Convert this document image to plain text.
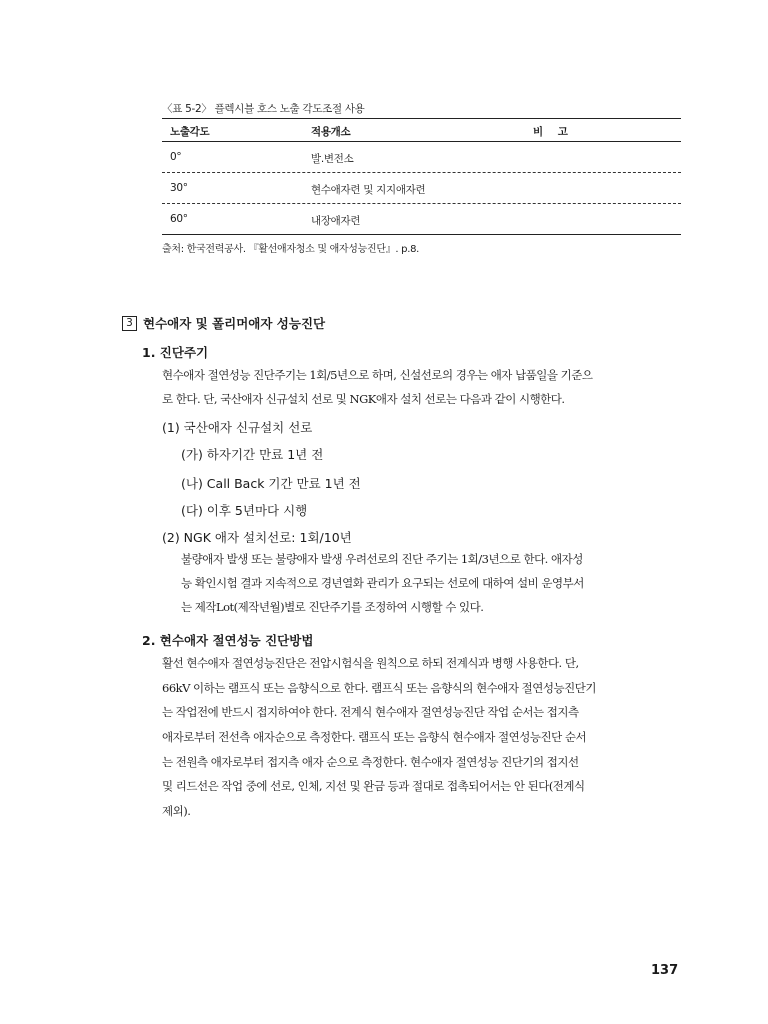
〈표 5-2〉 플렉시블 호스 노출 각도조절 사용
노출각도	적용개소	비    고
0°	발.변전소
30°	현수애자련 및 지지애자련
60°	내장애자련
출처: 한국전력공사. 『활선애자청소 및 애자성능진단』. p.8.
3 현수애자 및 폴리머애자 성능진단
1. 진단주기
현수애자 절연성능 진단주기는 1회/5년으로 하며, 신설선로의 경우는 애자 납품일을 기준으
로 한다. 단, 국산애자 신규설치 선로 및 NGK애자 설치 선로는 다음과 같이 시행한다.
(1) 국산애자 신규설치 선로
(가) 하자기간 만료 1년 전
(나) Call Back 기간 만료 1년 전
(다) 이후 5년마다 시행
(2) NGK 애자 설치선로: 1회/10년
불량애자 발생 또는 불량애자 발생 우려선로의 진단 주기는 1회/3년으로 한다. 애자성
능 확인시험 결과 지속적으로 경년열화 관리가 요구되는 선로에 대하여 설비 운영부서
는 제작Lot(제작년월)별로 진단주기를 조정하여 시행할 수 있다.
2. 현수애자 절연성능 진단방법
활선 현수애자 절연성능진단은 전압시험식을 원칙으로 하되 전계식과 병행 사용한다. 단,
66kV 이하는 램프식 또는 음향식으로 한다. 램프식 또는 음향식의 현수애자 절연성능진단기
는 작업전에 반드시 접지하여야 한다. 전계식 현수애자 절연성능진단 작업 순서는 접지측
애자로부터 전선측 애자순으로 측정한다. 램프식 또는 음향식 현수애자 절연성능진단 순서
는 전원측 애자로부터 접지측 애자 순으로 측정한다. 현수애자 절연성능 진단기의 접지선
및 리드선은 작업 중에 선로, 인체, 지선 및 완금 등과 절대로 접촉되어서는 안 된다(전계식
제외).
137
